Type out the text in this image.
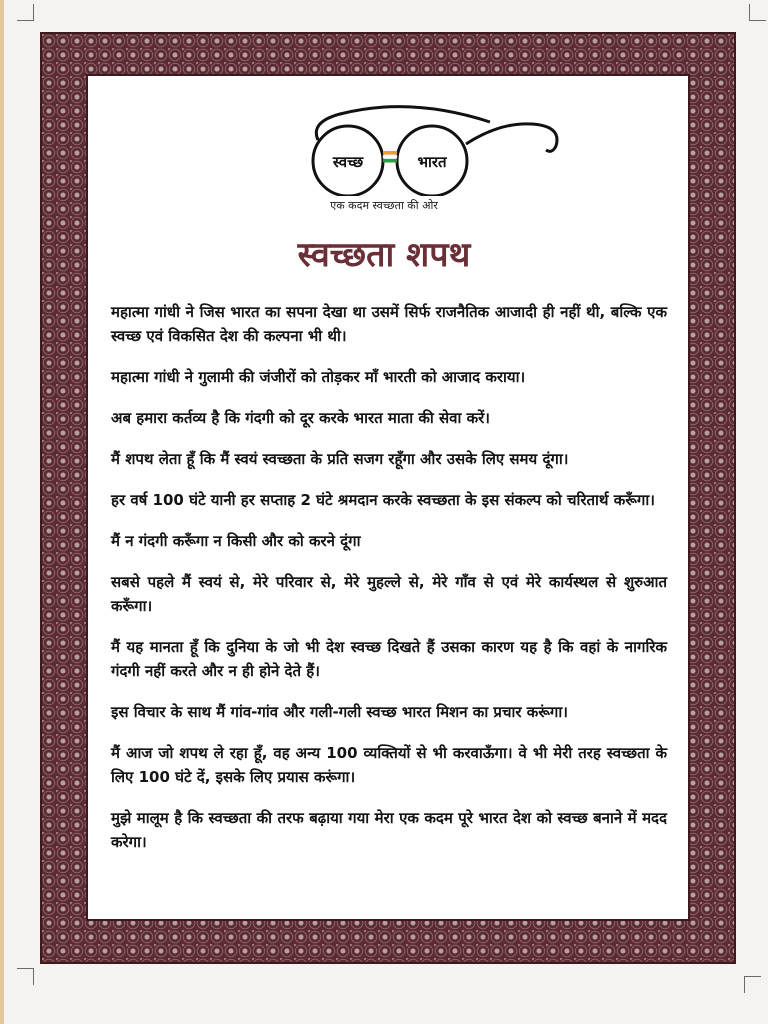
स्वच्छ	भारत
एक कदम स्वच्छता की ओर
स्वच्छता शपथ

महात्मा गांधी ने जिस भारत का सपना देखा था उसमें सिर्फ राजनैतिक आजादी ही नहीं थी, बल्कि एक स्वच्छ एवं विकसित देश की कल्पना भी थी।

महात्मा गांधी ने गुलामी की जंजीरों को तोड़कर माँ भारती को आजाद कराया।

अब हमारा कर्तव्य है कि गंदगी को दूर करके भारत माता की सेवा करें।

मैं शपथ लेता हूँ कि मैं स्वयं स्वच्छता के प्रति सजग रहूँगा और उसके लिए समय दूंगा।

हर वर्ष 100 घंटे यानी हर सप्ताह 2 घंटे श्रमदान करके स्वच्छता के इस संकल्प को चरितार्थ करूँगा।

मैं न गंदगी करूँगा न किसी और को करने दूंगा

सबसे पहले मैं स्वयं से, मेरे परिवार से, मेरे मुहल्ले से, मेरे गाँव से एवं मेरे कार्यस्थल से शुरुआत करूँगा।

मैं यह मानता हूँ कि दुनिया के जो भी देश स्वच्छ दिखते हैं उसका कारण यह है कि वहां के नागरिक गंदगी नहीं करते और न ही होने देते हैं।

इस विचार के साथ मैं गांव-गांव और गली-गली स्वच्छ भारत मिशन का प्रचार करूंगा।

मैं आज जो शपथ ले रहा हूँ, वह अन्य 100 व्यक्तियों से भी करवाऊँगा। वे भी मेरी तरह स्वच्छता के लिए 100 घंटे दें, इसके लिए प्रयास करूंगा।

मुझे मालूम है कि स्वच्छता की तरफ बढ़ाया गया मेरा एक कदम पूरे भारत देश को स्वच्छ बनाने में मदद करेगा।
